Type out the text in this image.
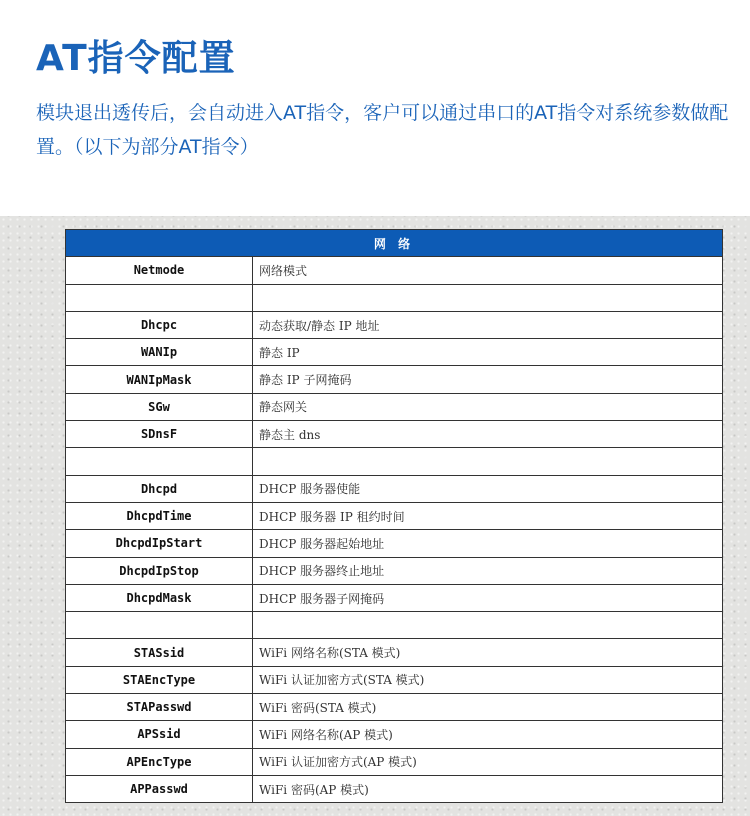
AT指令配置
模块退出透传后，会自动进入AT指令，客户可以通过串口的AT指令对系统参数做配置。（以下为部分AT指令）
网 络	
Netmode	网络模式

Dhcpc	动态获取/静态 IP 地址
WANIp	静态 IP
WANIpMask	静态 IP 子网掩码
SGw	静态网关
SDnsF	静态主 dns

Dhcpd	DHCP 服务器使能
DhcpdTime	DHCP 服务器 IP 租约时间
DhcpdIpStart	DHCP 服务器起始地址
DhcpdIpStop	DHCP 服务器终止地址
DhcpdMask	DHCP 服务器子网掩码

STASsid	WiFi 网络名称(STA 模式)
STAEncType	WiFi 认证加密方式(STA 模式)
STAPasswd	WiFi 密码(STA 模式)
APSsid	WiFi 网络名称(AP 模式)
APEncType	WiFi 认证加密方式(AP 模式)
APPasswd	WiFi 密码(AP 模式)
